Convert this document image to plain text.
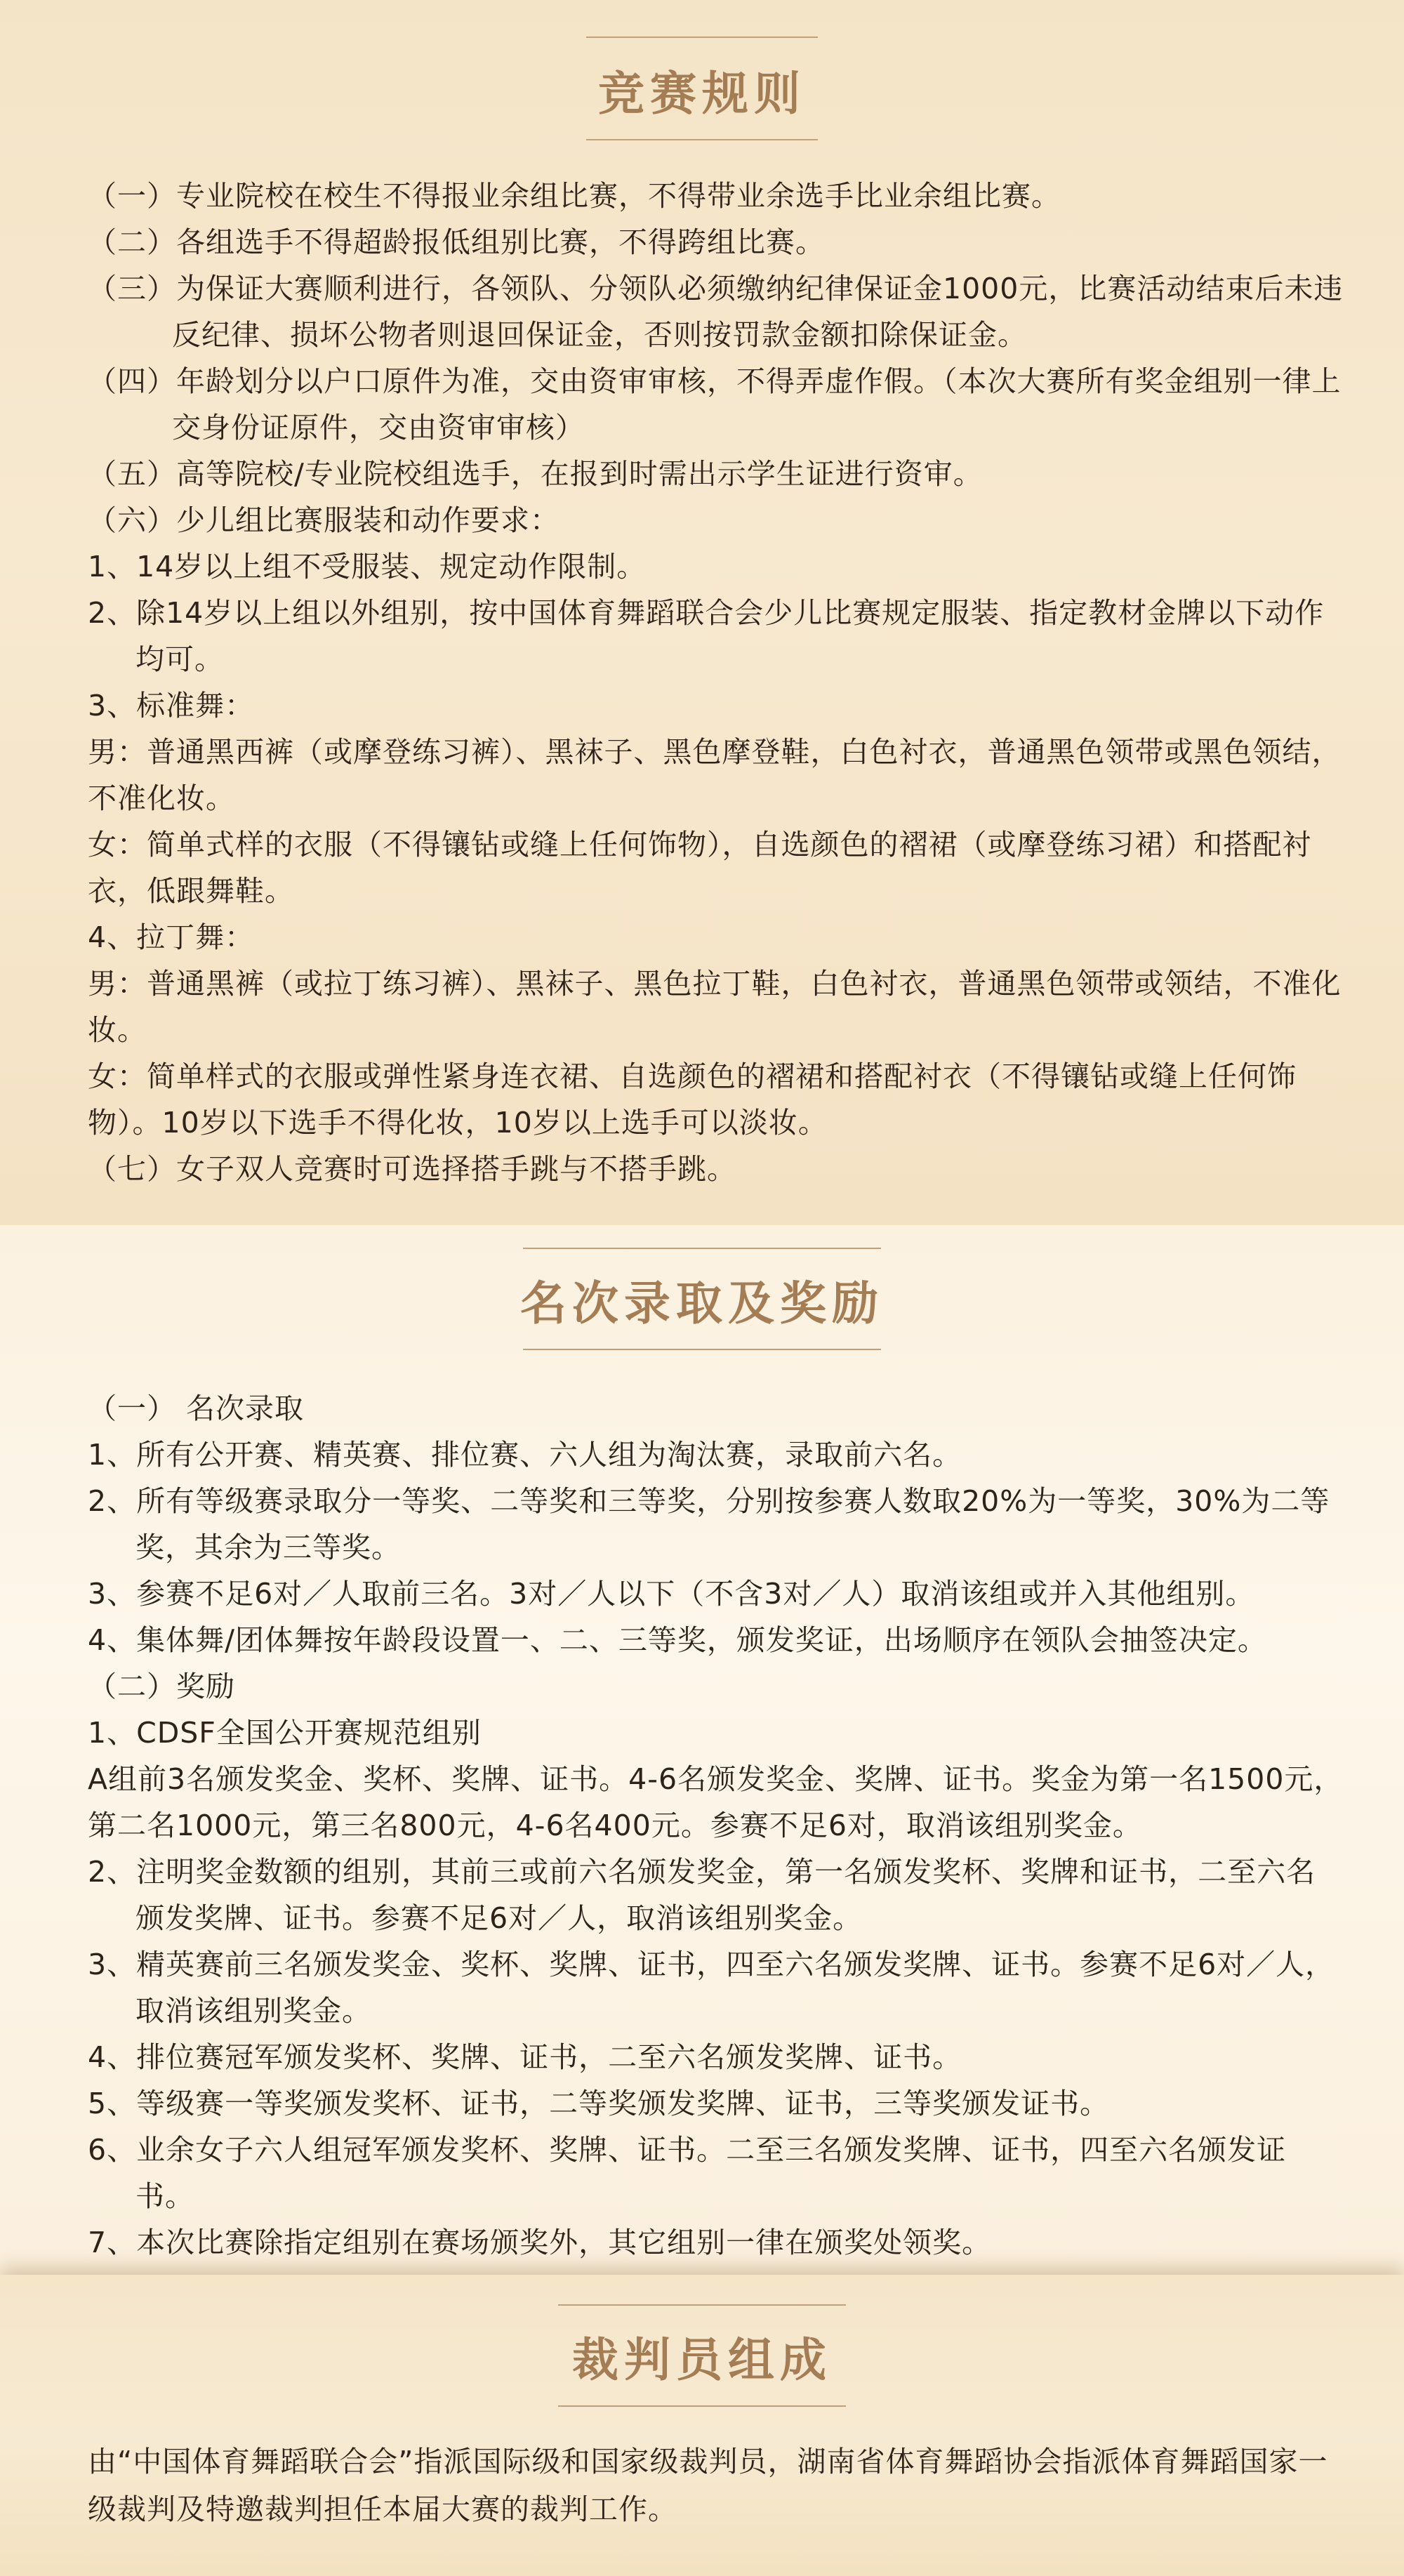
竞赛规则

（一）专业院校在校生不得报业余组比赛，不得带业余选手比业余组比赛。

（二）各组选手不得超龄报低组别比赛，不得跨组比赛。

（三）为保证大赛顺利进行，各领队、分领队必须缴纳纪律保证金1000元，比赛活动结束后未违反纪律、损坏公物者则退回保证金，否则按罚款金额扣除保证金。

（四）年龄划分以户口原件为准，交由资审审核，不得弄虚作假。（本次大赛所有奖金组别一律上交身份证原件，交由资审审核）

（五）高等院校/专业院校组选手，在报到时需出示学生证进行资审。

（六）少儿组比赛服装和动作要求：

1、14岁以上组不受服装、规定动作限制。

2、除14岁以上组以外组别，按中国体育舞蹈联合会少儿比赛规定服装、指定教材金牌以下动作均可。

3、标准舞：

男：普通黑西裤（或摩登练习裤）、黑袜子、黑色摩登鞋，白色衬衣，普通黑色领带或黑色领结，不准化妆。

女：简单式样的衣服（不得镶钻或缝上任何饰物），自选颜色的褶裙（或摩登练习裙）和搭配衬衣，低跟舞鞋。

4、拉丁舞：

男：普通黑裤（或拉丁练习裤）、黑袜子、黑色拉丁鞋，白色衬衣，普通黑色领带或领结，不准化妆。

女：简单样式的衣服或弹性紧身连衣裙、自选颜色的褶裙和搭配衬衣（不得镶钻或缝上任何饰物）。10岁以下选手不得化妆，10岁以上选手可以淡妆。

（七）女子双人竞赛时可选择搭手跳与不搭手跳。

名次录取及奖励

（一） 名次录取

1、所有公开赛、精英赛、排位赛、六人组为淘汰赛，录取前六名。

2、所有等级赛录取分一等奖、二等奖和三等奖，分别按参赛人数取20%为一等奖，30%为二等奖，其余为三等奖。

3、参赛不足6对／人取前三名。3对／人以下（不含3对／人）取消该组或并入其他组别。

4、集体舞/团体舞按年龄段设置一、二、三等奖，颁发奖证，出场顺序在领队会抽签决定。

（二）奖励

1、CDSF全国公开赛规范组别

A组前3名颁发奖金、奖杯、奖牌、证书。4-6名颁发奖金、奖牌、证书。奖金为第一名1500元，第二名1000元，第三名800元，4-6名400元。参赛不足6对，取消该组别奖金。

2、注明奖金数额的组别，其前三或前六名颁发奖金，第一名颁发奖杯、奖牌和证书，二至六名颁发奖牌、证书。参赛不足6对／人，取消该组别奖金。

3、精英赛前三名颁发奖金、奖杯、奖牌、证书，四至六名颁发奖牌、证书。参赛不足6对／人，取消该组别奖金。

4、排位赛冠军颁发奖杯、奖牌、证书，二至六名颁发奖牌、证书。

5、等级赛一等奖颁发奖杯、证书，二等奖颁发奖牌、证书，三等奖颁发证书。

6、业余女子六人组冠军颁发奖杯、奖牌、证书。二至三名颁发奖牌、证书，四至六名颁发证书。

7、本次比赛除指定组别在赛场颁奖外，其它组别一律在颁奖处领奖。

裁判员组成

由“中国体育舞蹈联合会”指派国际级和国家级裁判员，湖南省体育舞蹈协会指派体育舞蹈国家一级裁判及特邀裁判担任本届大赛的裁判工作。
